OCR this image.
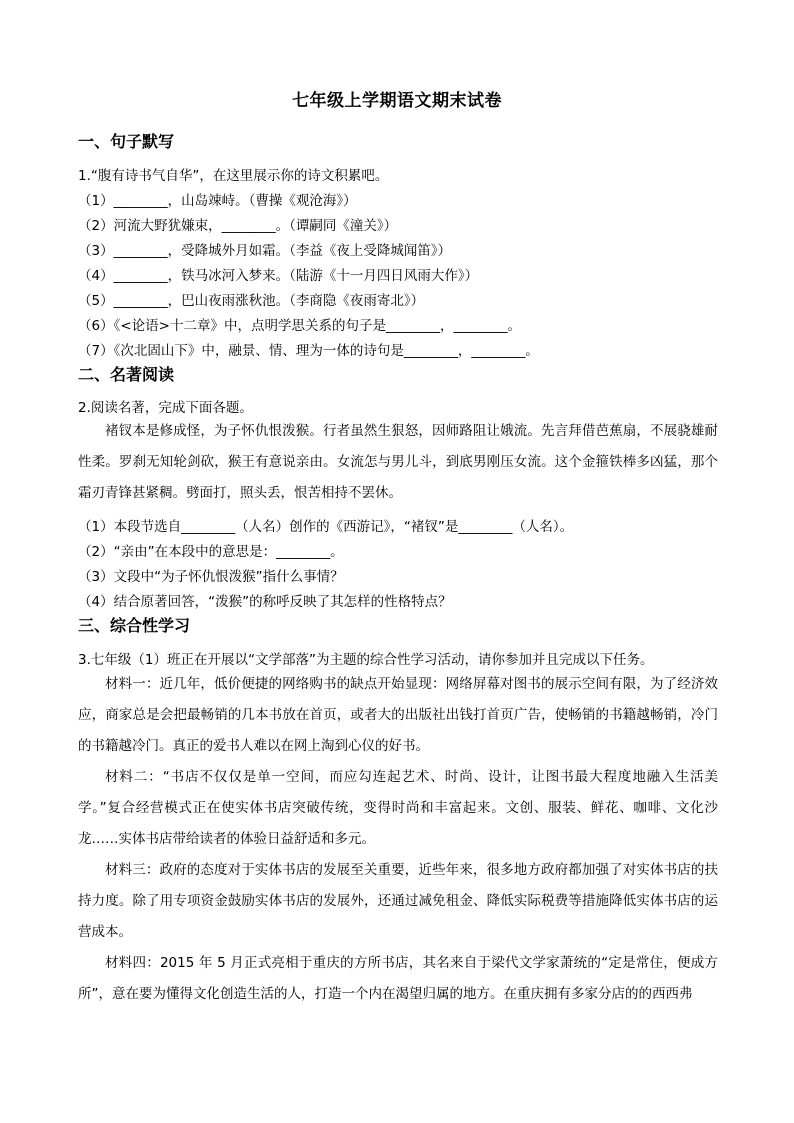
七年级上学期语文期末试卷
一、句子默写
1.“腹有诗书气自华”，在这里展示你的诗文积累吧。
（1）________，山岛竦峙。（曹操《观沧海》）
（2）河流大野犹嫌束，________。（谭嗣同《潼关》）
（3）________，受降城外月如霜。（李益《夜上受降城闻笛》）
（4）________，铁马冰河入梦来。（陆游《十一月四日风雨大作》）
（5）________，巴山夜雨涨秋池。（李商隐《夜雨寄北》）
（6）《<论语>十二章》中，点明学思关系的句子是________，________。
（7）《次北固山下》中，融景、情、理为一体的诗句是________，________。
二、名著阅读
2.阅读名著，完成下面各题。
褚钗本是修成怪，为子怀仇恨泼猴。行者虽然生狠怒，因师路阻让娥流。先言拜借芭蕉扇，不展骁雄耐性柔。罗刹无知轮剑砍，猴王有意说亲由。女流怎与男儿斗，到底男刚压女流。这个金箍铁棒多凶猛，那个霜刃青锋甚紧稠。劈面打，照头丢，恨苦相持不罢休。
（1）本段节选自________（人名）创作的《西游记》，“褚钗”是________（人名）。
（2）“亲由”在本段中的意思是：________。
（3）文段中“为子怀仇恨泼猴”指什么事情？
（4）结合原著回答，“泼猴”的称呼反映了其怎样的性格特点？
三、综合性学习
3.七年级（1）班正在开展以“文学部落”为主题的综合性学习活动，请你参加并且完成以下任务。
材料一：近几年，低价便捷的网络购书的缺点开始显现：网络屏幕对图书的展示空间有限，为了经济效应，商家总是会把最畅销的几本书放在首页，或者大的出版社出钱打首页广告，使畅销的书籍越畅销，冷门的书籍越冷门。真正的爱书人难以在网上淘到心仪的好书。
材料二：“书店不仅仅是单一空间，而应勾连起艺术、时尚、设计，让图书最大程度地融入生活美学。”复合经营模式正在使实体书店突破传统，变得时尚和丰富起来。文创、服装、鲜花、咖啡、文化沙龙……实体书店带给读者的体验日益舒适和多元。
材料三：政府的态度对于实体书店的发展至关重要，近些年来，很多地方政府都加强了对实体书店的扶持力度。除了用专项资金鼓励实体书店的发展外，还通过减免租金、降低实际税费等措施降低实体书店的运营成本。
材料四：2015 年 5 月正式亮相于重庆的方所书店，其名来自于梁代文学家萧统的“定是常住，便成方所”，意在要为懂得文化创造生活的人，打造一个内在渴望归属的地方。在重庆拥有多家分店的的西西弗
